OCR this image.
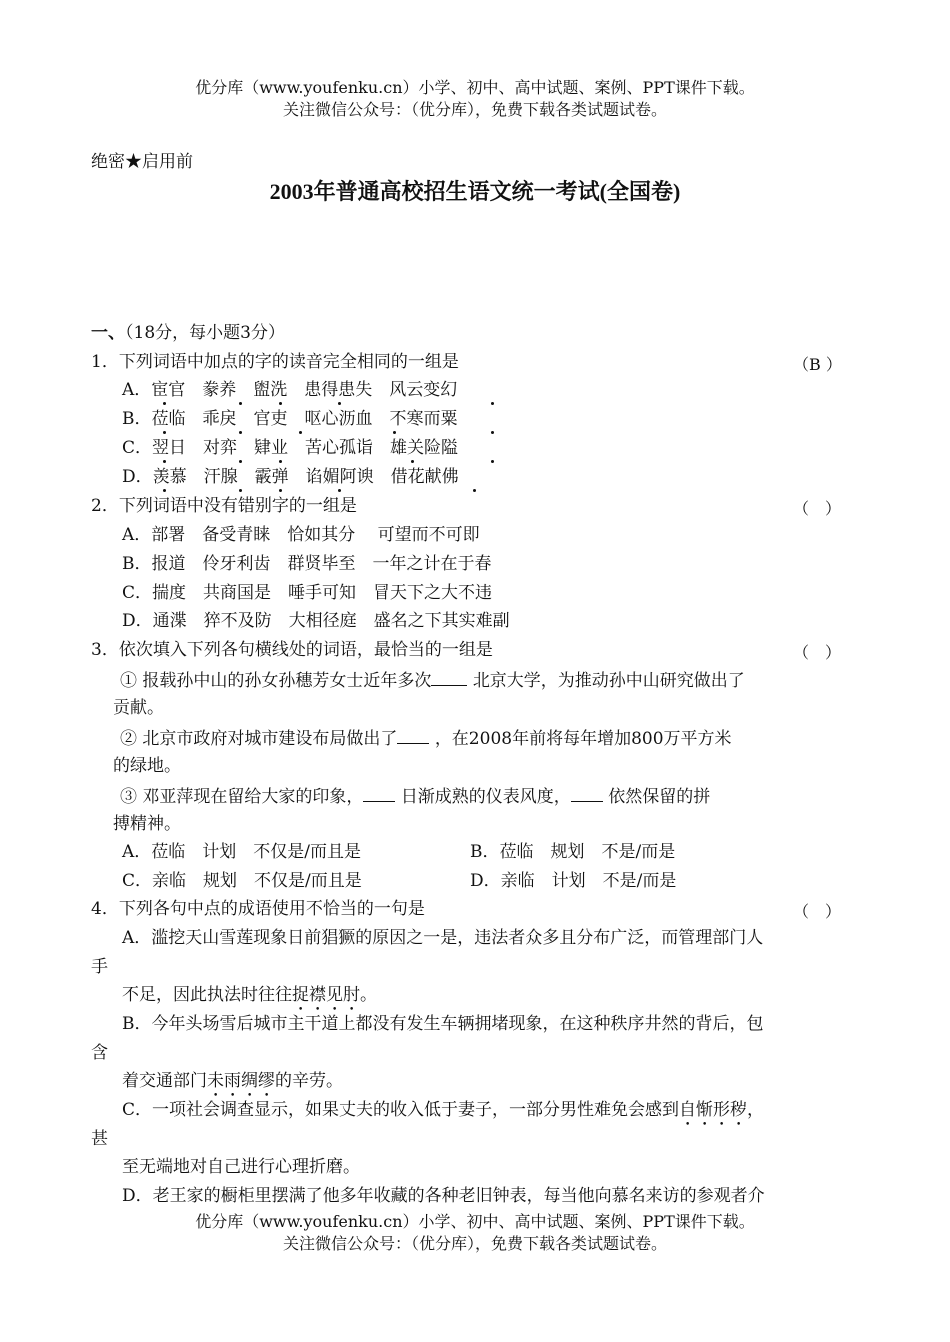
优分库（www.youfenku.cn）小学、初中、高中试题、案例、PPT课件下载。
关注微信公众号：（优分库），免费下载各类试题试卷。
绝密★启用前
2003年普通高校招生语文统一考试(全国卷)
一、（18分，每小题3分）
1．下列词语中加点的字的读音完全相同的一组是	（B ）
A．宦官　豢养　盥洗　患得患失　风云变幻
B．莅临　乖戾　官吏　呕心沥血　不寒而粟
C．翌日　对弈　肄业　苦心孤诣　雄关险隘
D．羡慕　汗腺　霰弹　谄媚阿谀　借花献佛
2．下列词语中没有错别字的一组是	（　）
A．部署　备受青睐　恰如其分　 可望而不可即
B．报道　伶牙利齿　群贤毕至　一年之计在于春
C．揣度　共商国是　唾手可知　冒天下之大不违
D．通渫　猝不及防　大相径庭　盛名之下其实难副
3．依次填入下列各句横线处的词语，最恰当的一组是	（　）
① 报载孙中山的孙女孙穗芳女士近年多次 北京大学，为推动孙中山研究做出了
贡献。
② 北京市政府对城市建设布局做出了 ，在2008年前将每年增加800万平方米
的绿地。
③ 邓亚萍现在留给大家的印象， 日渐成熟的仪表风度， 依然保留的拼
搏精神。
A．莅临　计划　不仅是/而且是	B．莅临　规划　不是/而是
C．亲临　规划　不仅是/而且是	D．亲临　计划　不是/而是
4．下列各句中点的成语使用不恰当的一句是	（　）
A．滥挖天山雪莲现象日前猖獗的原因之一是，违法者众多且分布广泛，而管理部门人
手
不足，因此执法时往往捉襟见肘。
B．今年头场雪后城市主干道上都没有发生车辆拥堵现象，在这种秩序井然的背后，包
含
着交通部门未雨绸缪的辛劳。
C．一项社会调查显示，如果丈夫的收入低于妻子，一部分男性难免会感到自惭形秽，
甚
至无端地对自己进行心理折磨。
D．老王家的橱柜里摆满了他多年收藏的各种老旧钟表，每当他向慕名来访的参观者介
优分库（www.youfenku.cn）小学、初中、高中试题、案例、PPT课件下载。
关注微信公众号：（优分库），免费下载各类试题试卷。
